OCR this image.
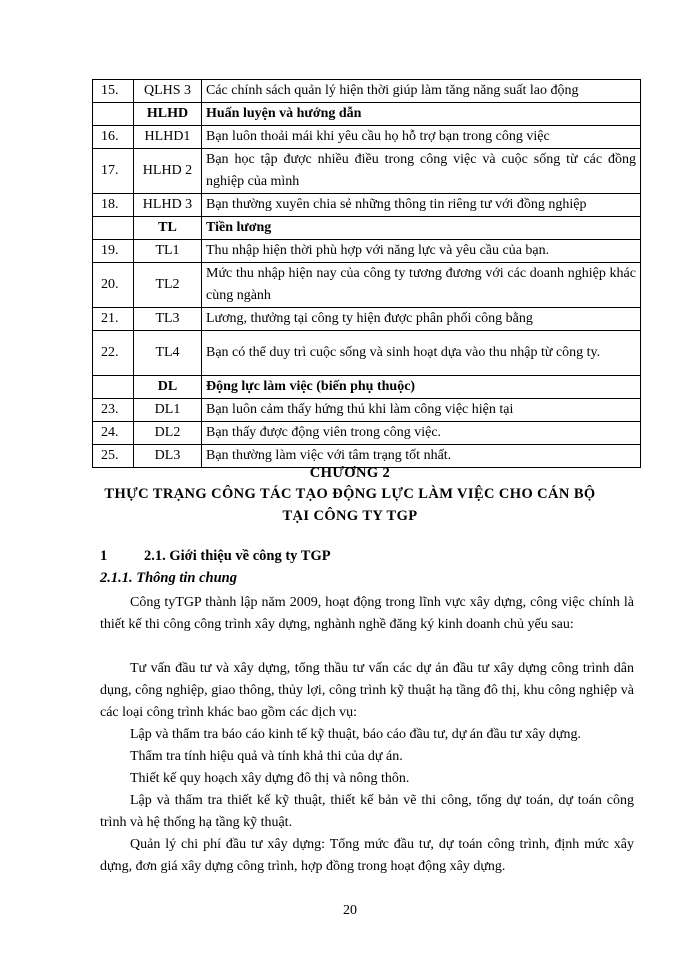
15.	QLHS 3	Các chính sách quản lý hiện thời giúp làm tăng năng suất lao động
	HLHD	Huấn luyện và hướng dẫn
16.	HLHD1	Bạn luôn thoải mái khi yêu cầu họ hỗ trợ bạn trong công việc
17.	HLHD 2	Bạn học tập được nhiều điều trong công việc và cuộc sống từ các đồng nghiệp của mình
18.	HLHD 3	Bạn thường xuyên chia sẻ những thông tin riêng tư với đồng nghiệp
	TL	Tiền lương
19.	TL1	Thu nhập hiện thời phù hợp với năng lực và yêu cầu của bạn.
20.	TL2	Mức thu nhập hiện nay của công ty tương đương với các doanh nghiệp khác cùng ngành
21.	TL3	Lương, thưởng tại công ty hiện được phân phối công bằng
22.	TL4	Bạn có thể duy trì cuộc sống và sinh hoạt dựa vào thu nhập từ công ty.
	DL	Động lực làm việc (biến phụ thuộc)
23.	DL1	Bạn luôn cảm thấy hứng thú khi làm công việc hiện tại
24.	DL2	Bạn thấy được động viên trong công việc.
25.	DL3	Bạn thường làm việc với tâm trạng tốt nhất.
CHƯƠNG 2
THỰC TRẠNG CÔNG TÁC TẠO ĐỘNG LỰC LÀM VIỆC CHO CÁN BỘ
TẠI CÔNG TY TGP
1	2.1. Giới thiệu về công ty TGP
2.1.1. Thông tin chung
Công tyTGP thành lập năm 2009, hoạt động trong lĩnh vực xây dựng, công việc chính là thiết kế thi công công trình xây dựng, nghành nghề đăng ký kinh doanh chủ yếu sau:
Tư vấn đầu tư và xây dựng, tổng thầu tư vấn các dự án đầu tư xây dựng công trình dân dụng, công nghiệp, giao thông, thủy lợi, công trình kỹ thuật hạ tầng đô thị, khu công nghiệp và các loại công trình khác bao gồm các dịch vụ:
Lập và thẩm tra báo cáo kinh tế kỹ thuật, báo cáo đầu tư, dự án đầu tư xây dựng.
Thẩm tra tính hiệu quả và tính khả thi của dự án.
Thiết kế quy hoạch xây dựng đô thị và nông thôn.
Lập và thẩm tra thiết kế kỹ thuật, thiết kế bản vẽ thi công, tổng dự toán, dự toán công trình và hệ thống hạ tầng kỹ thuật.
Quản lý chi phí đầu tư xây dựng: Tổng mức đầu tư, dự toán công trình, định mức xây dựng, đơn giá xây dựng công trình, hợp đồng trong hoạt động xây dựng.
20
